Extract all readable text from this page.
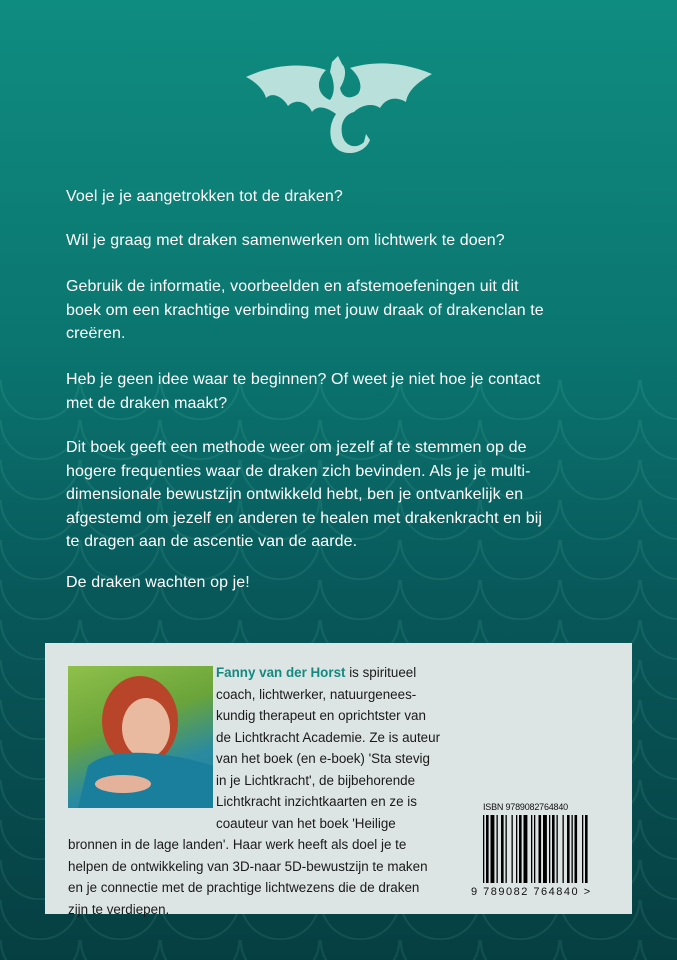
Voel je je aangetrokken tot de draken?
Wil je graag met draken samenwerken om lichtwerk te doen?
Gebruik de informatie, voorbeelden en afstemoefeningen uit dit
boek om een krachtige verbinding met jouw draak of drakenclan te
creëren.
Heb je geen idee waar te beginnen? Of weet je niet hoe je contact
met de draken maakt?
Dit boek geeft een methode weer om jezelf af te stemmen op de
hogere frequenties waar de draken zich bevinden. Als je je multi-
dimensionale bewustzijn ontwikkeld hebt, ben je ontvankelijk en
afgestemd om jezelf en anderen te healen met drakenkracht en bij
te dragen aan de ascentie van de aarde.
De draken wachten op je!
Fanny van der Horst is spiritueel
coach, lichtwerker, natuurgenees-
kundig therapeut en oprichtster van
de Lichtkracht Academie. Ze is auteur
van het boek (en e-boek) 'Sta stevig
in je Lichtkracht', de bijbehorende
Lichtkracht inzichtkaarten en ze is
coauteur van het boek 'Heilige
bronnen in de lage landen'. Haar werk heeft als doel je te
helpen de ontwikkeling van 3D-naar 5D-bewustzijn te maken
en je connectie met de prachtige lichtwezens die de draken
zijn te verdiepen.
ISBN 9789082764840
9 789082 764840 >
